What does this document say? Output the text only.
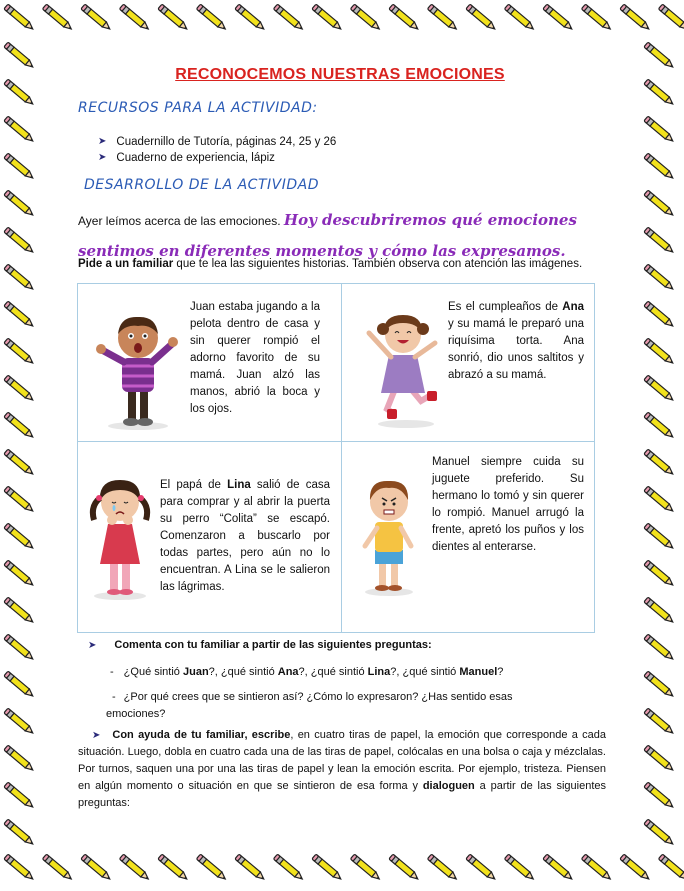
RECONOCEMOS NUESTRAS EMOCIONES
RECURSOS PARA LA ACTIVIDAD:
➤ Cuadernillo de Tutoría, páginas 24, 25 y 26
➤ Cuaderno de experiencia, lápiz
DESARROLLO DE LA ACTIVIDAD
Ayer leímos acerca de las emociones. Hoy descubriremos qué emociones
sentimos en diferentes momentos y cómo las expresamos.
Pide a un familiar que te lea las siguientes historias. También observa con atención las imágenes.
Juan estaba jugando a la pelota dentro de casa y sin querer rompió el adorno favorito de su mamá. Juan alzó las manos, abrió la boca y los ojos.
Es el cumpleaños de Ana y su mamá le preparó una riquísima torta. Ana sonrió, dio unos saltitos y abrazó a su mamá.
El papá de Lina salió de casa para comprar y al abrir la puerta su perro “Colita” se escapó. Comenzaron a buscarlo por todas partes, pero aún no lo encuentran. A Lina se le salieron las lágrimas.
Manuel siempre cuida su juguete preferido. Su hermano lo tomó y sin querer lo rompió. Manuel arrugó la frente, apretó los puños y los dientes al enterarse.
➤ Comenta con tu familiar a partir de las siguientes preguntas:
- ¿Qué sintió Juan?, ¿qué sintió Ana?, ¿qué sintió Lina?, ¿qué sintió Manuel?
- ¿Por qué crees que se sintieron así? ¿Cómo lo expresaron? ¿Has sentido esas emociones?
➤ Con ayuda de tu familiar, escribe, en cuatro tiras de papel, la emoción que corresponde a cada situación. Luego, dobla en cuatro cada una de las tiras de papel, colócalas en una bolsa o caja y mézclalas. Por turnos, saquen una por una las tiras de papel y lean la emoción escrita. Por ejemplo, tristeza. Piensen en algún momento o situación en que se sintieron de esa forma y dialoguen a partir de las siguientes preguntas:
